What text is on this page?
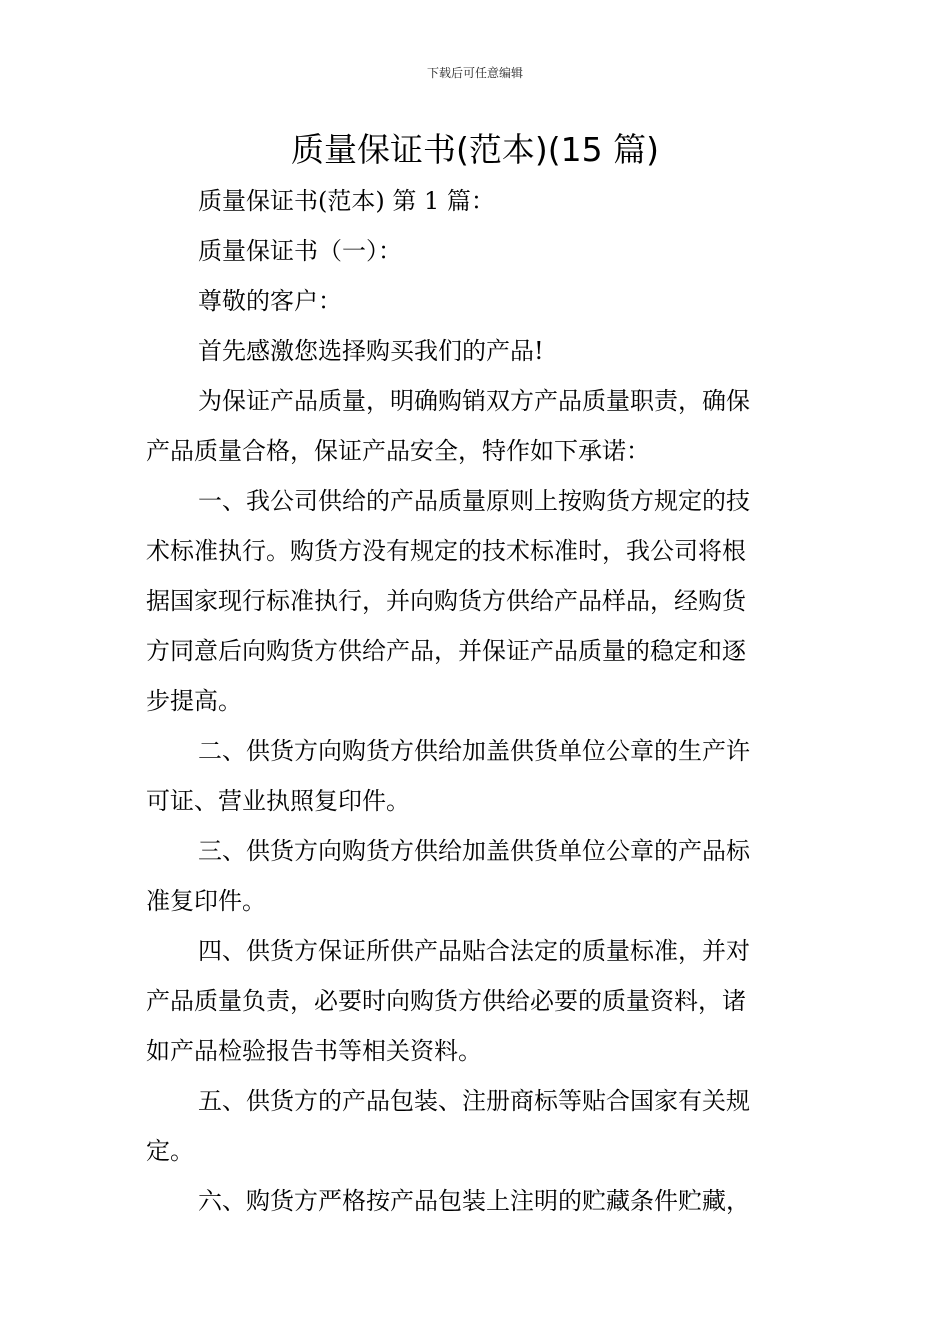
下载后可任意编辑
质量保证书(范本)(15 篇)
质量保证书(范本) 第 1 篇：
质量保证书（一）：
尊敬的客户：
首先感激您选择购买我们的产品!
为保证产品质量，明确购销双方产品质量职责，确保
产品质量合格，保证产品安全，特作如下承诺：
一、我公司供给的产品质量原则上按购货方规定的技
术标准执行。购货方没有规定的技术标准时，我公司将根
据国家现行标准执行，并向购货方供给产品样品，经购货
方同意后向购货方供给产品，并保证产品质量的稳定和逐
步提高。
二、供货方向购货方供给加盖供货单位公章的生产许
可证、营业执照复印件。
三、供货方向购货方供给加盖供货单位公章的产品标
准复印件。
四、供货方保证所供产品贴合法定的质量标准，并对
产品质量负责，必要时向购货方供给必要的质量资料，诸
如产品检验报告书等相关资料。
五、供货方的产品包装、注册商标等贴合国家有关规
定。
六、购货方严格按产品包装上注明的贮藏条件贮藏，
